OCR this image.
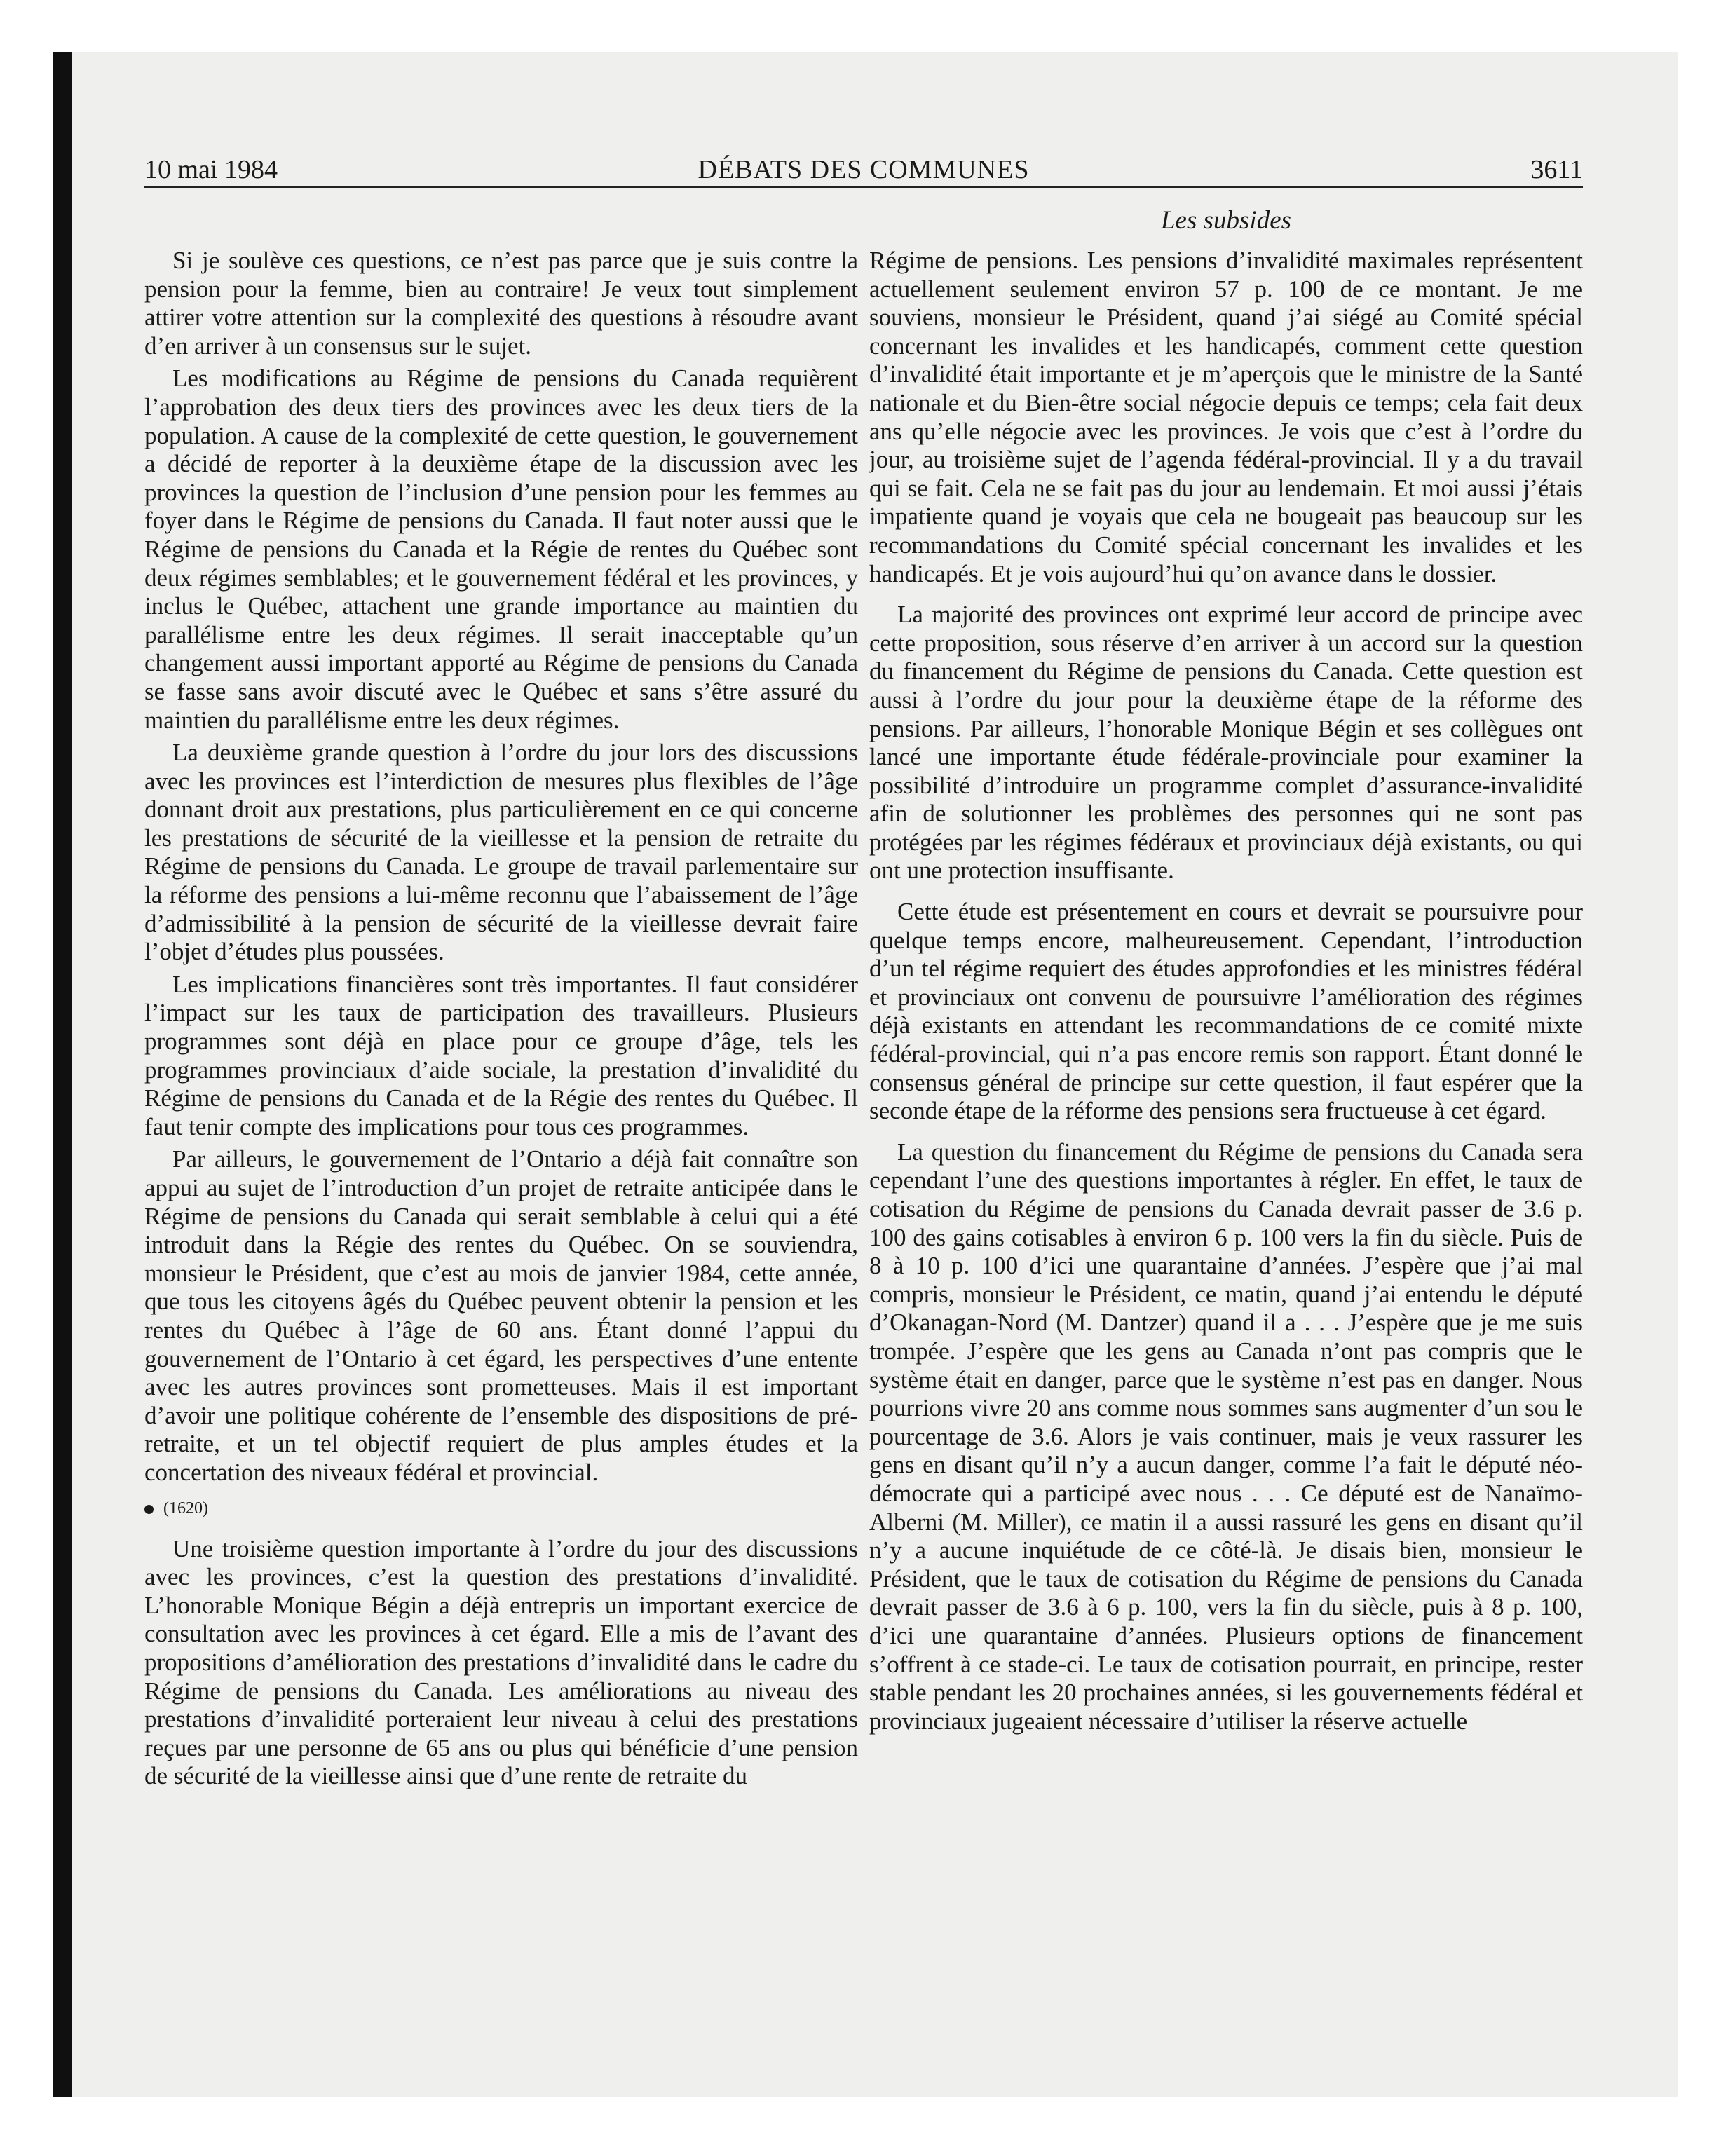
10 mai 1984	DÉBATS DES COMMUNES	3611
Les subsides

Si je soulève ces questions, ce n’est pas parce que je suis contre la pension pour la femme, bien au contraire! Je veux tout simplement attirer votre attention sur la complexité des questions à résoudre avant d’en arriver à un consensus sur le sujet.

Les modifications au Régime de pensions du Canada requièrent l’approbation des deux tiers des provinces avec les deux tiers de la population. A cause de la complexité de cette question, le gouvernement a décidé de reporter à la deuxième étape de la discussion avec les provinces la question de l’inclusion d’une pension pour les femmes au foyer dans le Régime de pensions du Canada. Il faut noter aussi que le Régime de pensions du Canada et la Régie de rentes du Québec sont deux régimes semblables; et le gouvernement fédéral et les provinces, y inclus le Québec, attachent une grande importance au maintien du parallélisme entre les deux régimes. Il serait inacceptable qu’un changement aussi important apporté au Régime de pensions du Canada se fasse sans avoir discuté avec le Québec et sans s’être assuré du maintien du parallélisme entre les deux régimes.

La deuxième grande question à l’ordre du jour lors des discussions avec les provinces est l’interdiction de mesures plus flexibles de l’âge donnant droit aux prestations, plus particulièrement en ce qui concerne les prestations de sécurité de la vieillesse et la pension de retraite du Régime de pensions du Canada. Le groupe de travail parlementaire sur la réforme des pensions a lui-même reconnu que l’abaissement de l’âge d’admissibilité à la pension de sécurité de la vieillesse devrait faire l’objet d’études plus poussées.

Les implications financières sont très importantes. Il faut considérer l’impact sur les taux de participation des travailleurs. Plusieurs programmes sont déjà en place pour ce groupe d’âge, tels les programmes provinciaux d’aide sociale, la prestation d’invalidité du Régime de pensions du Canada et de la Régie des rentes du Québec. Il faut tenir compte des implications pour tous ces programmes.

Par ailleurs, le gouvernement de l’Ontario a déjà fait connaître son appui au sujet de l’introduction d’un projet de retraite anticipée dans le Régime de pensions du Canada qui serait semblable à celui qui a été introduit dans la Régie des rentes du Québec. On se souviendra, monsieur le Président, que c’est au mois de janvier 1984, cette année, que tous les citoyens âgés du Québec peuvent obtenir la pension et les rentes du Québec à l’âge de 60 ans. Étant donné l’appui du gouvernement de l’Ontario à cet égard, les perspectives d’une entente avec les autres provinces sont prometteuses. Mais il est important d’avoir une politique cohérente de l’ensemble des dispositions de pré-retraite, et un tel objectif requiert de plus amples études et la concertation des niveaux fédéral et provincial.

(1620)

Une troisième question importante à l’ordre du jour des discussions avec les provinces, c’est la question des prestations d’invalidité. L’honorable Monique Bégin a déjà entrepris un important exercice de consultation avec les provinces à cet égard. Elle a mis de l’avant des propositions d’amélioration des prestations d’invalidité dans le cadre du Régime de pensions du Canada. Les améliorations au niveau des prestations d’invalidité porteraient leur niveau à celui des prestations reçues par une personne de 65 ans ou plus qui bénéficie d’une pension de sécurité de la vieillesse ainsi que d’une rente de retraite du

Régime de pensions. Les pensions d’invalidité maximales représentent actuellement seulement environ 57 p. 100 de ce montant. Je me souviens, monsieur le Président, quand j’ai siégé au Comité spécial concernant les invalides et les handicapés, comment cette question d’invalidité était importante et je m’aperçois que le ministre de la Santé nationale et du Bien-être social négocie depuis ce temps; cela fait deux ans qu’elle négocie avec les provinces. Je vois que c’est à l’ordre du jour, au troisième sujet de l’agenda fédéral-provincial. Il y a du travail qui se fait. Cela ne se fait pas du jour au lendemain. Et moi aussi j’étais impatiente quand je voyais que cela ne bougeait pas beaucoup sur les recommandations du Comité spécial concernant les invalides et les handicapés. Et je vois aujourd’hui qu’on avance dans le dossier.

La majorité des provinces ont exprimé leur accord de principe avec cette proposition, sous réserve d’en arriver à un accord sur la question du financement du Régime de pensions du Canada. Cette question est aussi à l’ordre du jour pour la deuxième étape de la réforme des pensions. Par ailleurs, l’honorable Monique Bégin et ses collègues ont lancé une importante étude fédérale-provinciale pour examiner la possibilité d’introduire un programme complet d’assurance-invalidité afin de solutionner les problèmes des personnes qui ne sont pas protégées par les régimes fédéraux et provinciaux déjà existants, ou qui ont une protection insuffisante.

Cette étude est présentement en cours et devrait se poursuivre pour quelque temps encore, malheureusement. Cependant, l’introduction d’un tel régime requiert des études approfondies et les ministres fédéral et provinciaux ont convenu de poursuivre l’amélioration des régimes déjà existants en attendant les recommandations de ce comité mixte fédéral-provincial, qui n’a pas encore remis son rapport. Étant donné le consensus général de principe sur cette question, il faut espérer que la seconde étape de la réforme des pensions sera fructueuse à cet égard.

La question du financement du Régime de pensions du Canada sera cependant l’une des questions importantes à régler. En effet, le taux de cotisation du Régime de pensions du Canada devrait passer de 3.6 p. 100 des gains cotisables à environ 6 p. 100 vers la fin du siècle. Puis de 8 à 10 p. 100 d’ici une quarantaine d’années. J’espère que j’ai mal compris, monsieur le Président, ce matin, quand j’ai entendu le député d’Okanagan-Nord (M. Dantzer) quand il a . . . J’espère que je me suis trompée. J’espère que les gens au Canada n’ont pas compris que le système était en danger, parce que le système n’est pas en danger. Nous pourrions vivre 20 ans comme nous sommes sans augmenter d’un sou le pourcentage de 3.6. Alors je vais continuer, mais je veux rassurer les gens en disant qu’il n’y a aucun danger, comme l’a fait le député néo-démocrate qui a participé avec nous . . . Ce député est de Nanaïmo-Alberni (M. Miller), ce matin il a aussi rassuré les gens en disant qu’il n’y a aucune inquiétude de ce côté-là. Je disais bien, monsieur le Président, que le taux de cotisation du Régime de pensions du Canada devrait passer de 3.6 à 6 p. 100, vers la fin du siècle, puis à 8 p. 100, d’ici une quarantaine d’années. Plusieurs options de financement s’offrent à ce stade-ci. Le taux de cotisation pourrait, en principe, rester stable pendant les 20 prochaines années, si les gouvernements fédéral et provinciaux jugeaient nécessaire d’utiliser la réserve actuelle
